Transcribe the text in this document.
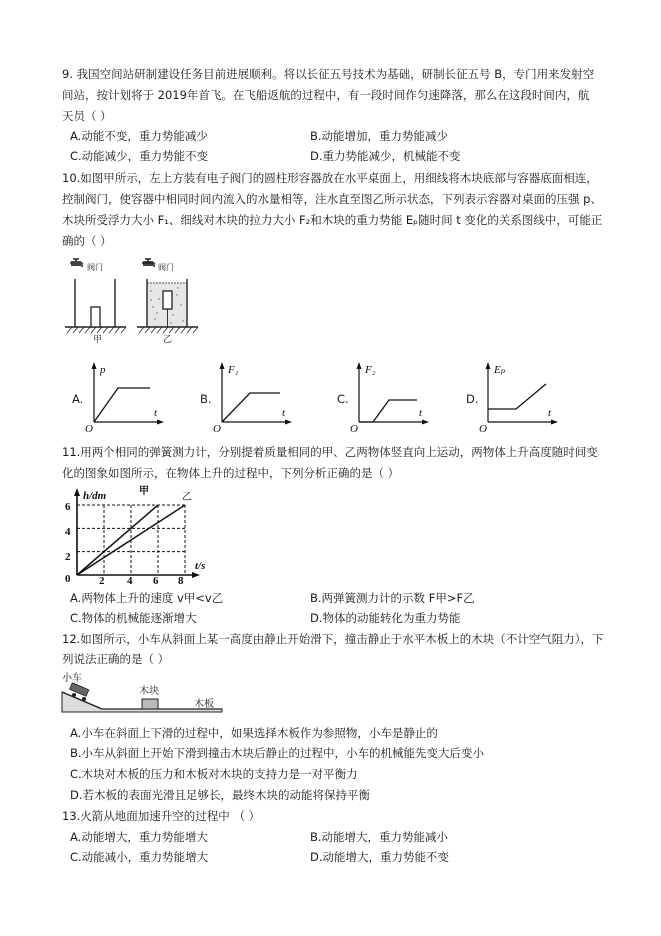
9. 我国空间站研制建设任务目前进展顺利。将以长征五号技术为基础，研制长征五号 B，专门用来发射空
间站，按计划将于 2019年首飞。在飞船返航的过程中，有一段时间作匀速降落，那么在这段时间内，航
天员（ ）
A.动能不变，重力势能减少	B.动能增加，重力势能减少
C.动能减少，重力势能不变	D.重力势能减少，机械能不变
10.如图甲所示，左上方装有电子阀门的圆柱形容器放在水平桌面上，用细线将木块底部与容器底面相连，
控制阀门，使容器中相同时间内流入的水量相等，注水直至图乙所示状态，下列表示容器对桌面的压强 p、
木块所受浮力大小 F₁、细线对木块的拉力大小 F₂和木块的重力势能 Eₚ随时间 t 变化的关系图线中，可能正
确的（ ）
阀门	阀门
甲	乙
A.	B.	C.	D.
p
t
O
F₁
t
O
F₂
t
O
Eₚ
t
O
11.用两个相同的弹簧测力计，分别提着质量相同的甲、乙两物体竖直向上运动，两物体上升高度随时间变
化的图象如图所示，在物体上升的过程中，下列分析正确的是（ ）
h/dm
t/s
6
4
2
0	2 4 6 8
甲
乙
A.两物体上升的速度 v甲<v乙	B.两弹簧测力计的示数 F甲>F乙
C.物体的机械能逐渐增大	D.物体的动能转化为重力势能
12.如图所示，小车从斜面上某一高度由静止开始滑下，撞击静止于水平木板上的木块（不计空气阻力），下
列说法正确的是（ ）
小车
木块
木板
A.小车在斜面上下滑的过程中，如果选择木板作为参照物，小车是静止的
B.小车从斜面上开始下滑到撞击木块后静止的过程中，小车的机械能先变大后变小
C.木块对木板的压力和木板对木块的支持力是一对平衡力
D.若木板的表面光滑且足够长，最终木块的动能将保持平衡
13.火箭从地面加速升空的过程中 （ ）
A.动能增大，重力势能增大	B.动能增大，重力势能减小
C.动能减小，重力势能增大	D.动能增大，重力势能不变
